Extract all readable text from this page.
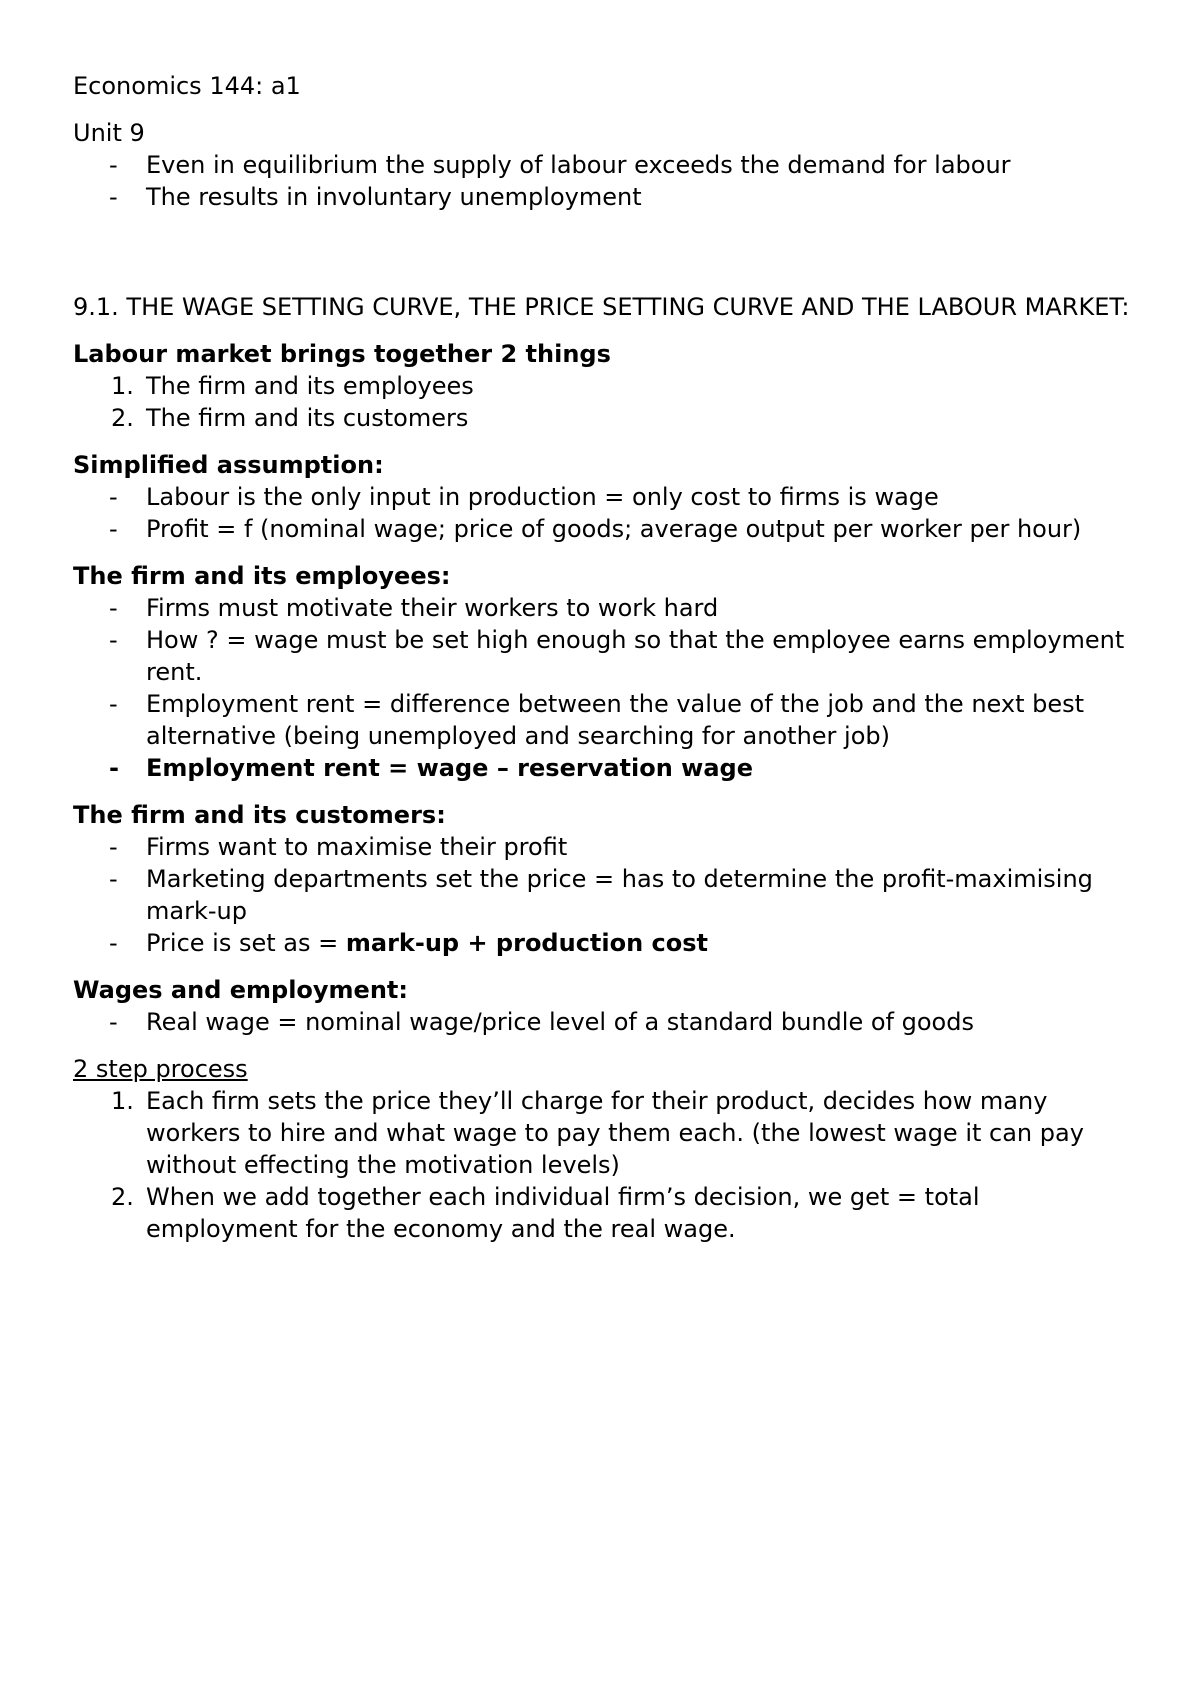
Economics 144: a1

Unit 9

- Even in equilibrium the supply of labour exceeds the demand for labour
- The results in involuntary unemployment

9.1. THE WAGE SETTING CURVE, THE PRICE SETTING CURVE AND THE LABOUR MARKET:

Labour market brings together 2 things

1. The firm and its employees
2. The firm and its customers

Simplified assumption:

- Labour is the only input in production = only cost to firms is wage
- Profit = f (nominal wage; price of goods; average output per worker per hour)

The firm and its employees:

- Firms must motivate their workers to work hard
- How ? = wage must be set high enough so that the employee earns employment rent.
- Employment rent = difference between the value of the job and the next best alternative (being unemployed and searching for another job)
- Employment rent = wage – reservation wage

The firm and its customers:

- Firms want to maximise their profit
- Marketing departments set the price = has to determine the profit-maximising mark-up
- Price is set as = mark-up + production cost

Wages and employment:

- Real wage = nominal wage/price level of a standard bundle of goods

2 step process

1. Each firm sets the price they’ll charge for their product, decides how many workers to hire and what wage to pay them each. (the lowest wage it can pay without effecting the motivation levels)
2. When we add together each individual firm’s decision, we get = total employment for the economy and the real wage.
